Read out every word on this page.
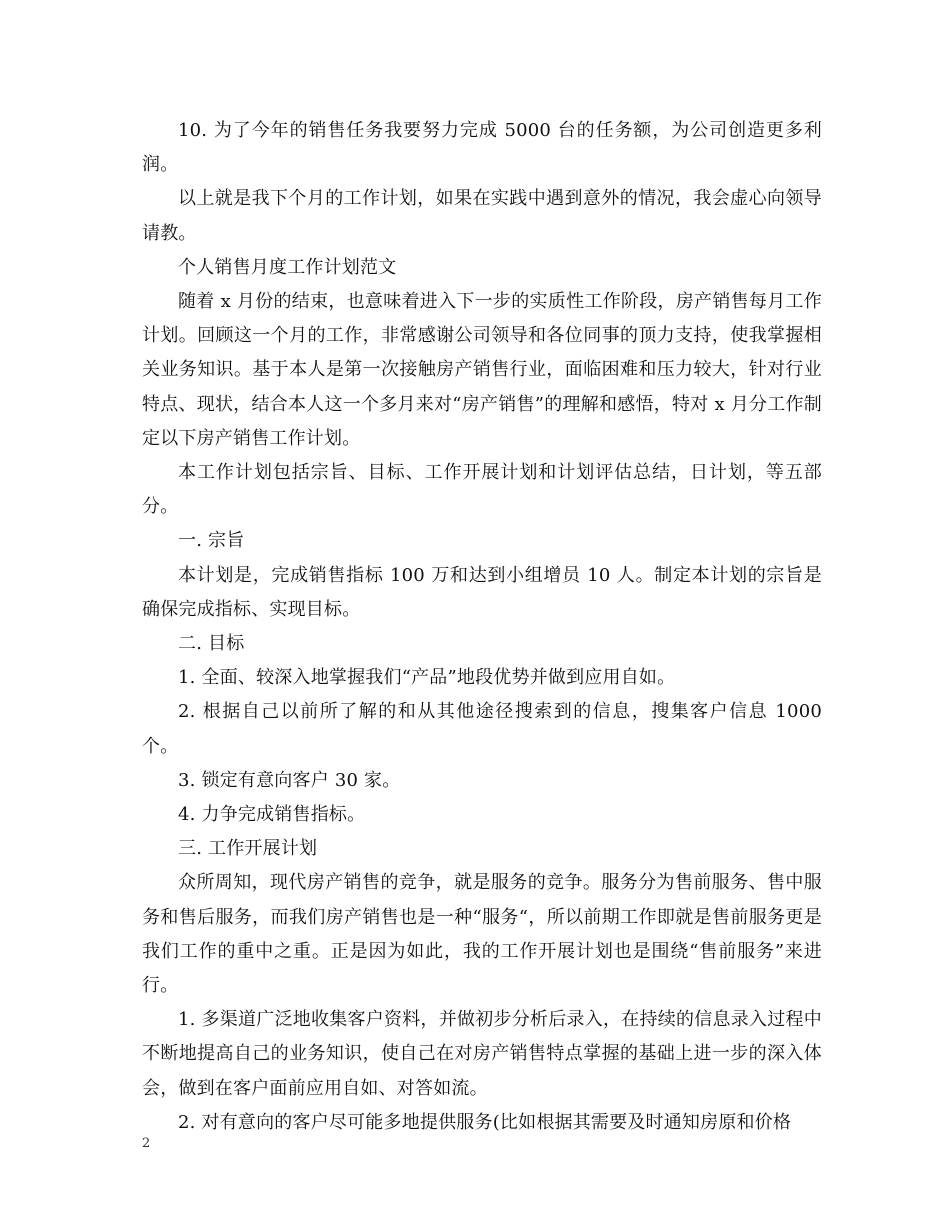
10. 为了今年的销售任务我要努力完成 5000 台的任务额，为公司创造更多利润。

以上就是我下个月的工作计划，如果在实践中遇到意外的情况，我会虚心向领导请教。

个人销售月度工作计划范文

随着 x 月份的结束，也意味着进入下一步的实质性工作阶段，房产销售每月工作计划。回顾这一个月的工作，非常感谢公司领导和各位同事的顶力支持，使我掌握相关业务知识。基于本人是第一次接触房产销售行业，面临困难和压力较大，针对行业特点、现状，结合本人这一个多月来对“房产销售”的理解和感悟，特对 x 月分工作制定以下房产销售工作计划。

本工作计划包括宗旨、目标、工作开展计划和计划评估总结，日计划，等五部分。

一. 宗旨

本计划是，完成销售指标 100 万和达到小组增员 10 人。制定本计划的宗旨是确保完成指标、实现目标。

二. 目标

1. 全面、较深入地掌握我们“产品”地段优势并做到应用自如。

2. 根据自己以前所了解的和从其他途径搜索到的信息，搜集客户信息 1000 个。

3. 锁定有意向客户 30 家。

4. 力争完成销售指标。

三. 工作开展计划

众所周知，现代房产销售的竞争，就是服务的竞争。服务分为售前服务、售中服务和售后服务，而我们房产销售也是一种“服务“，所以前期工作即就是售前服务更是我们工作的重中之重。正是因为如此，我的工作开展计划也是围绕“售前服务”来进行。

1. 多渠道广泛地收集客户资料，并做初步分析后录入，在持续的信息录入过程中不断地提高自己的业务知识，使自己在对房产销售特点掌握的基础上进一步的深入体会，做到在客户面前应用自如、对答如流。

2. 对有意向的客户尽可能多地提供服务(比如根据其需要及时通知房原和价格

2
